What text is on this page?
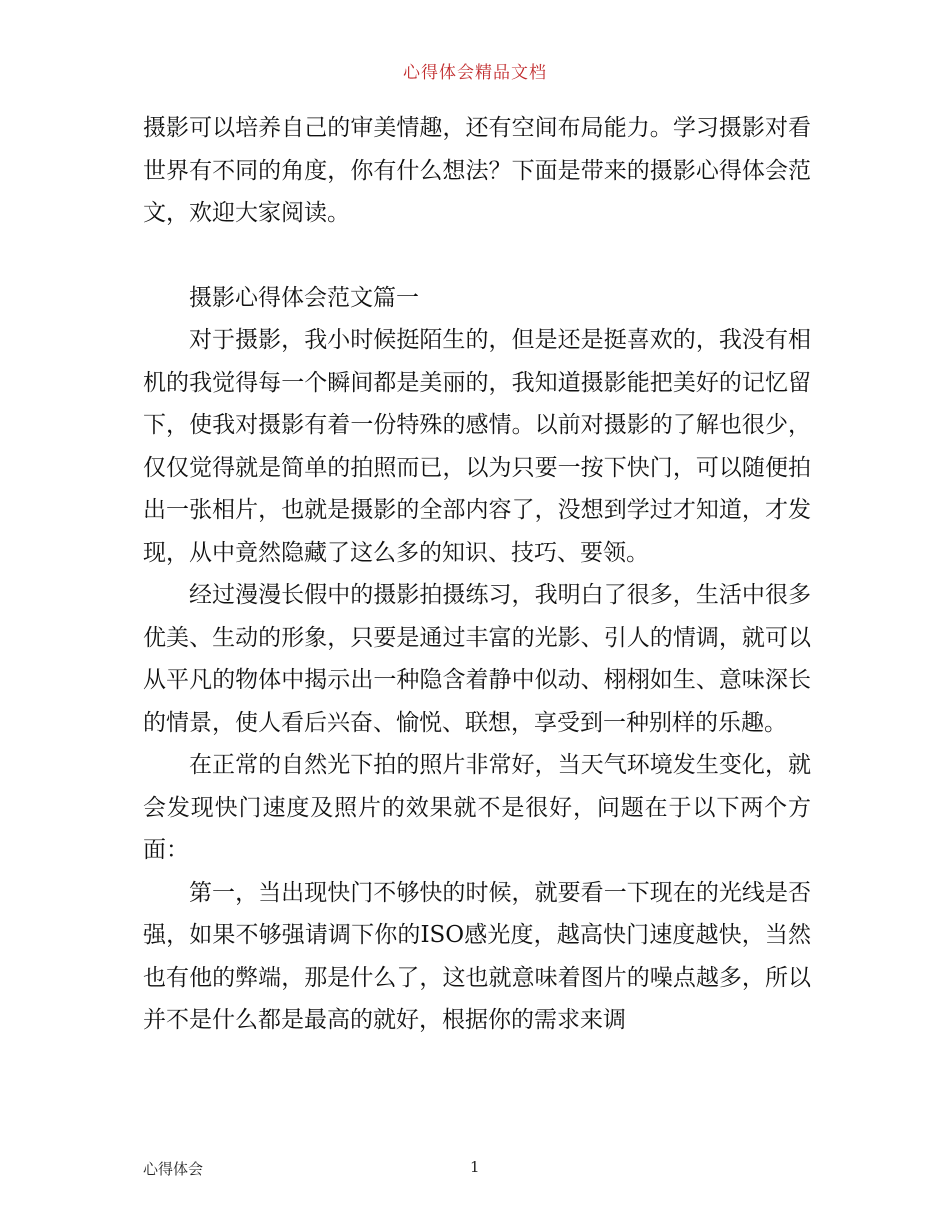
心得体会精品文档

摄影可以培养自己的审美情趣，还有空间布局能力。学习摄影对看世界有不同的角度，你有什么想法？下面是带来的摄影心得体会范文，欢迎大家阅读。

摄影心得体会范文篇一

对于摄影，我小时候挺陌生的，但是还是挺喜欢的，我没有相机的我觉得每一个瞬间都是美丽的，我知道摄影能把美好的记忆留下，使我对摄影有着一份特殊的感情。以前对摄影的了解也很少，仅仅觉得就是简单的拍照而已，以为只要一按下快门，可以随便拍出一张相片，也就是摄影的全部内容了，没想到学过才知道，才发现，从中竟然隐藏了这么多的知识、技巧、要领。

经过漫漫长假中的摄影拍摄练习，我明白了很多，生活中很多优美、生动的形象，只要是通过丰富的光影、引人的情调，就可以从平凡的物体中揭示出一种隐含着静中似动、栩栩如生、意味深长的情景，使人看后兴奋、愉悦、联想，享受到一种别样的乐趣。

在正常的自然光下拍的照片非常好，当天气环境发生变化，就会发现快门速度及照片的效果就不是很好，问题在于以下两个方面：

第一，当出现快门不够快的时候，就要看一下现在的光线是否强，如果不够强请调下你的ISO感光度，越高快门速度越快，当然也有他的弊端，那是什么了，这也就意味着图片的噪点越多，所以并不是什么都是最高的就好，根据你的需求来调

心得体会	1
